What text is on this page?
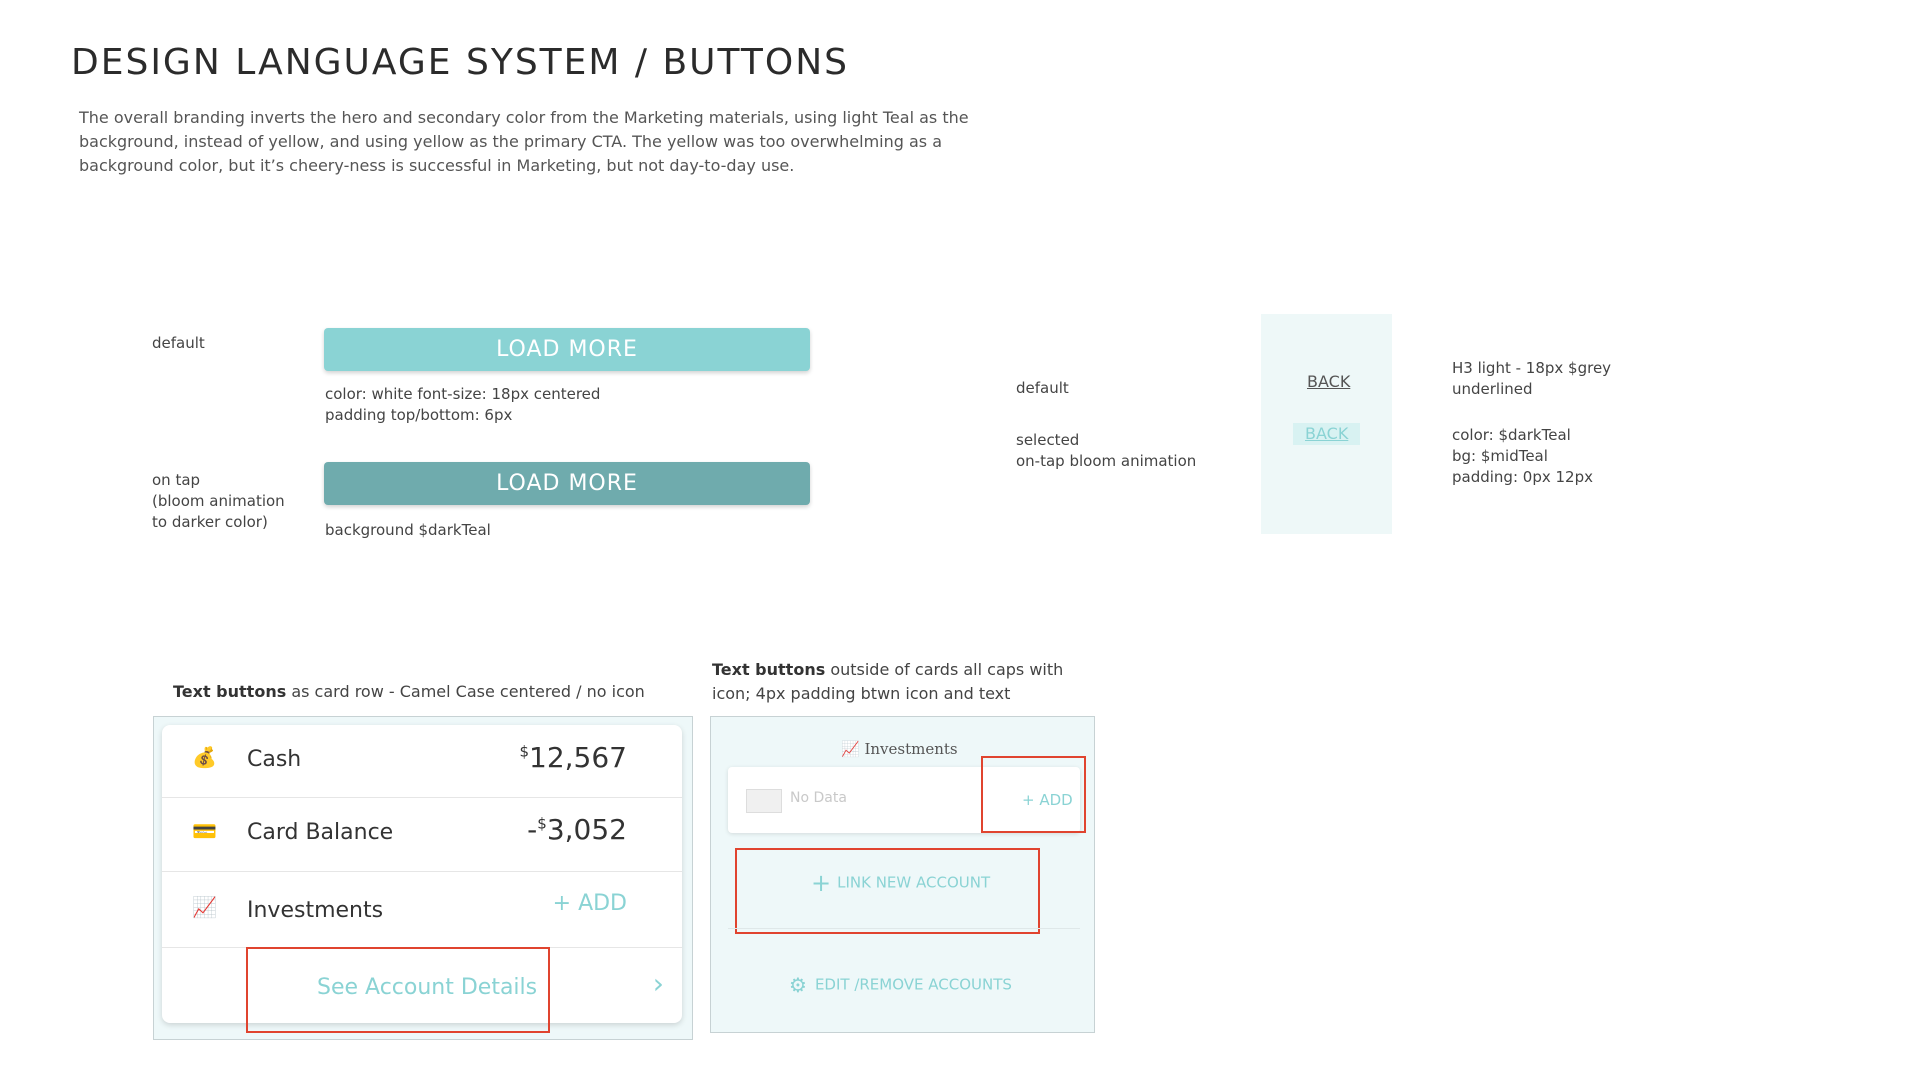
DESIGN LANGUAGE SYSTEM / BUTTONS
The overall branding inverts the hero and secondary color from the Marketing materials, using light Teal as the background, instead of yellow, and using yellow as the primary CTA. The yellow was too overwhelming as a background color, but it’s cheery-ness is successful in Marketing, but not day-to-day use.
default	LOAD MORE
color: white font-size: 18px centered
padding top/bottom: 6px
on tap
(bloom animation
to darker color)
LOAD MORE
background $darkTeal
default
selected
on-tap bloom animation
BACK
BACK
H3 light - 18px $grey
underlined
color: $darkTeal
bg: $midTeal
padding: 0px 12px
Text buttons as card row - Camel Case centered / no icon
💰 Cash	$12,567
💳 Card Balance	-$3,052
📈 Investments	+ ADD
See Account Details	›
Text buttons outside of cards all caps with icon; 4px padding btwn icon and text
📈 Investments
No Data	+ ADD
+ LINK NEW ACCOUNT
⚙ EDIT /REMOVE ACCOUNTS
